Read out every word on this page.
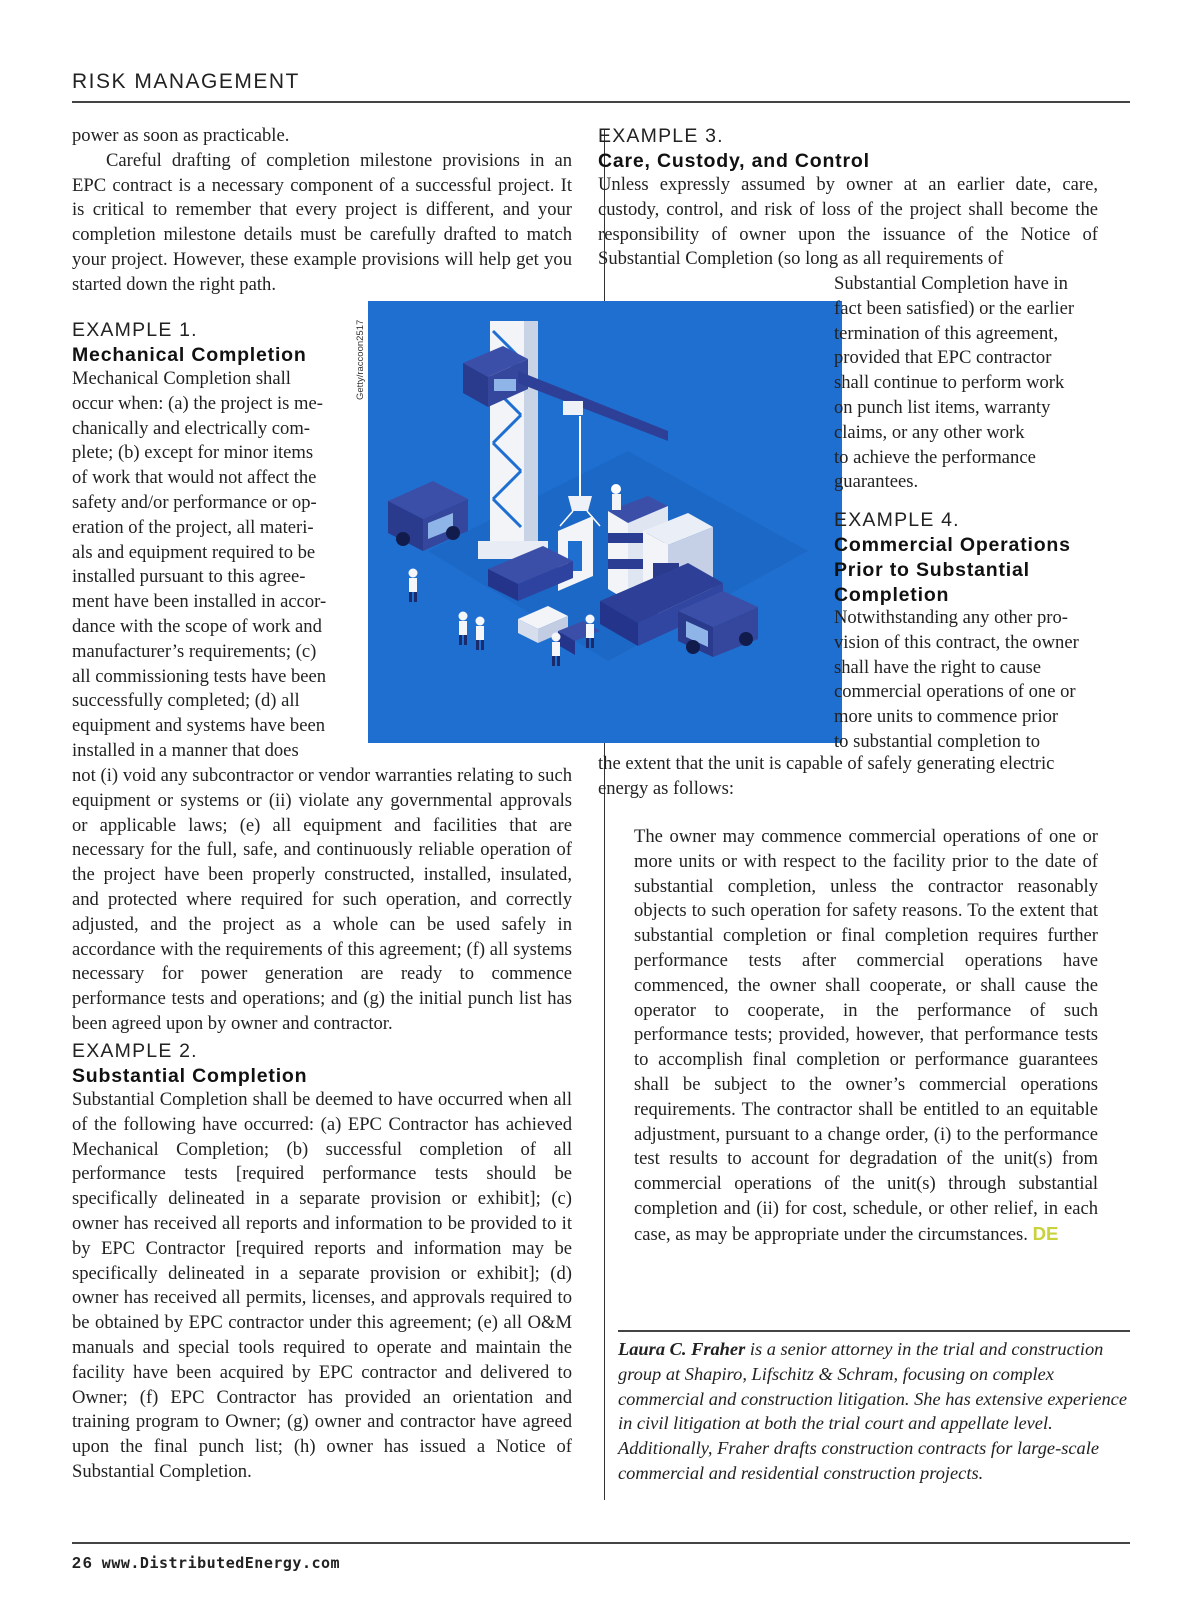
RISK MANAGEMENT

power as soon as practicable.

Careful drafting of completion milestone provisions in an EPC contract is a necessary component of a successful project. It is critical to remember that every project is different, and your completion milestone details must be carefully drafted to match your project. However, these example provisions will help get you started down the right path.

EXAMPLE 1.

Mechanical Completion

Mechanical Completion shall
occur when: (a) the project is me-
chanically and electrically com-
plete; (b) except for minor items
of work that would not affect the
safety and/or performance or op-
eration of the project, all materi-
als and equipment required to be
installed pursuant to this agree-
ment have been installed in accor-
dance with the scope of work and
manufacturer’s requirements; (c)
all commissioning tests have been
successfully completed; (d) all
equipment and systems have been
installed in a manner that does
not (i) void any subcontractor or vendor warranties relating to such equipment or systems or (ii) violate any governmental approvals or applicable laws; (e) all equipment and facilities that are necessary for the full, safe, and continuously reliable operation of the project have been properly constructed, installed, insulated, and protected where required for such operation, and correctly adjusted, and the project as a whole can be used safely in accordance with the requirements of this agreement; (f) all systems necessary for power generation are ready to commence performance tests and operations; and (g) the initial punch list has been agreed upon by owner and contractor.

EXAMPLE 2.

Substantial Completion

Substantial Completion shall be deemed to have occurred when all of the following have occurred: (a) EPC Contractor has achieved Mechanical Completion; (b) successful completion of all performance tests [required performance tests should be specifically delineated in a separate provision or exhibit]; (c) owner has received all reports and information to be provided to it by EPC Contractor [required reports and information may be specifically delineated in a separate provision or exhibit]; (d) owner has received all permits, licenses, and approvals required to be obtained by EPC contractor under this agreement; (e) all O&M manuals and special tools required to operate and maintain the facility have been acquired by EPC contractor and delivered to Owner; (f) EPC Contractor has provided an orientation and training program to Owner; (g) owner and contractor have agreed upon the final punch list; (h) owner has issued a Notice of Substantial Completion.
Getty/raccoon2517

EXAMPLE 3.

Care, Custody, and Control

Unless expressly assumed by owner at an earlier date, care, custody, control, and risk of loss of the project shall become the responsibility of owner upon the issuance of the Notice of Substantial Completion (so long as all requirements of
Substantial Completion have in
fact been satisfied) or the earlier
termination of this agreement,
provided that EPC contractor
shall continue to perform work
on punch list items, warranty
claims, or any other work
to achieve the performance
guarantees.

EXAMPLE 4.

Commercial Operations

Prior to Substantial

Completion

Notwithstanding any other pro-
vision of this contract, the owner
shall have the right to cause
commercial operations of one or
more units to commence prior
to substantial completion to
the extent that the unit is capable of safely generating electric energy as follows:
The owner may commence commercial operations of one or more units or with respect to the facility prior to the date of substantial completion, unless the contractor reasonably objects to such operation for safety reasons. To the extent that substantial completion or final completion requires further performance tests after commercial operations have commenced, the owner shall cooperate, or shall cause the operator to cooperate, in the performance of such performance tests; provided, however, that performance tests to accomplish final completion or performance guarantees shall be subject to the owner’s commercial operations requirements. The contractor shall be entitled to an equitable adjustment, pursuant to a change order, (i) to the performance test results to account for degradation of the unit(s) from commercial operations of the unit(s) through substantial completion and (ii) for cost, schedule, or other relief, in each case, as may be appropriate under the circumstances. DE
Laura C. Fraher is a senior attorney in the trial and construction group at Shapiro, Lifschitz & Schram, focusing on complex commercial and construction litigation. She has extensive experience in civil litigation at both the trial court and appellate level. Additionally, Fraher drafts construction contracts for large-scale commercial and residential construction projects.
26 www.DistributedEnergy.com
